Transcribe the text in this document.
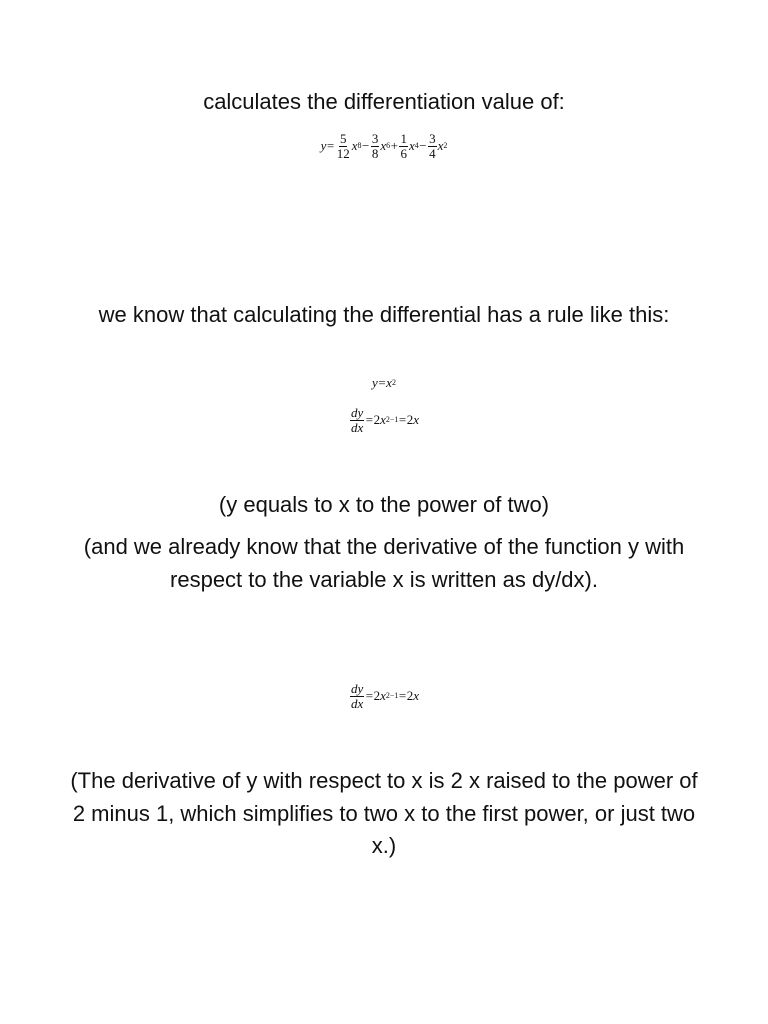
calculates the differentiation value of:

$y = \frac{5}{12}$ x $8 - \frac{3}{8}$ x $6 + \frac{1}{6}$ x $4 - \frac{3}{4}$ x 2

we know that calculating the differential has a rule like this:

y = x 2
$\frac{dy}{dx} = 2$ x 2−1 = 2 x

(y equals to x to the power of two)

(and we already know that the derivative of the function y with respect to the variable x is written as dy/dx).

$\frac{dy}{dx} = 2$ x 2−1 = 2 x

(The derivative of y with respect to x is 2 x raised to the power of 2 minus 1, which simplifies to two x to the first power, or just two x.)
